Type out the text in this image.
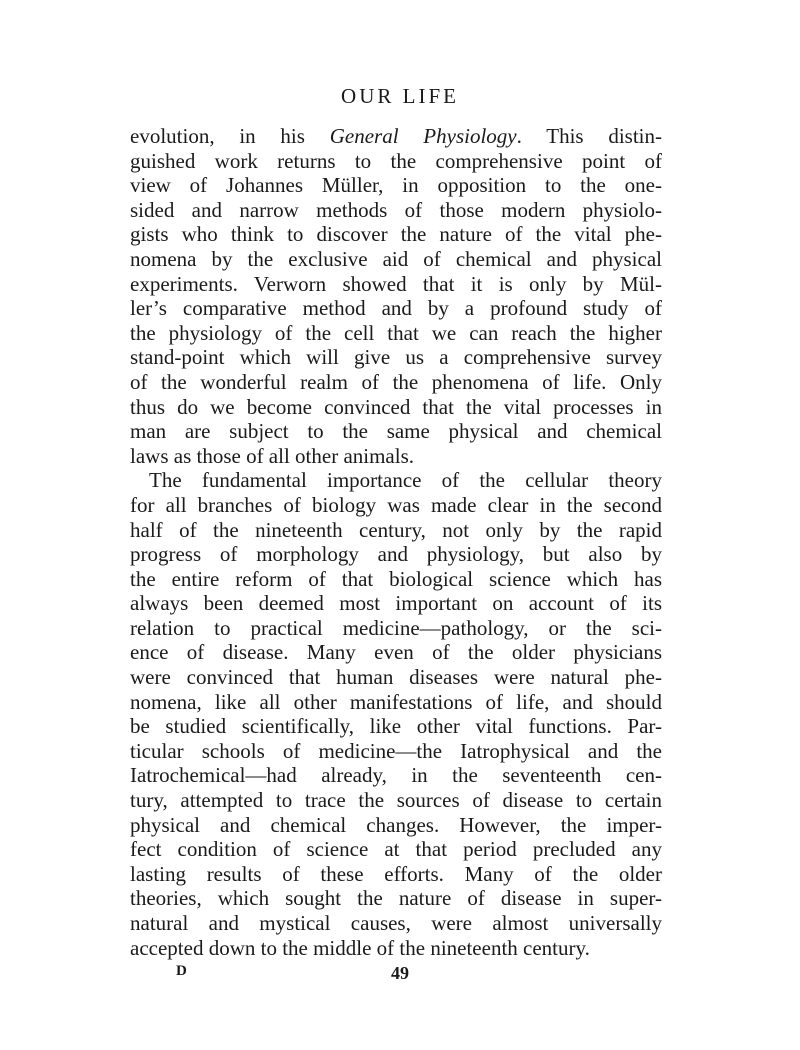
OUR LIFE
evolution, in his General Physiology. This distin-
guished work returns to the comprehensive point of
view of Johannes Müller, in opposition to the one-
sided and narrow methods of those modern physiolo-
gists who think to discover the nature of the vital phe-
nomena by the exclusive aid of chemical and physical
experiments. Verworn showed that it is only by Mül-
ler’s comparative method and by a profound study of
the physiology of the cell that we can reach the higher
stand-point which will give us a comprehensive survey
of the wonderful realm of the phenomena of life. Only
thus do we become convinced that the vital processes in
man are subject to the same physical and chemical
laws as those of all other animals.
The fundamental importance of the cellular theory
for all branches of biology was made clear in the second
half of the nineteenth century, not only by the rapid
progress of morphology and physiology, but also by
the entire reform of that biological science which has
always been deemed most important on account of its
relation to practical medicine—pathology, or the sci-
ence of disease. Many even of the older physicians
were convinced that human diseases were natural phe-
nomena, like all other manifestations of life, and should
be studied scientifically, like other vital functions. Par-
ticular schools of medicine—the Iatrophysical and the
Iatrochemical—had already, in the seventeenth cen-
tury, attempted to trace the sources of disease to certain
physical and chemical changes. However, the imper-
fect condition of science at that period precluded any
lasting results of these efforts. Many of the older
theories, which sought the nature of disease in super-
natural and mystical causes, were almost universally
accepted down to the middle of the nineteenth century.
D	49
